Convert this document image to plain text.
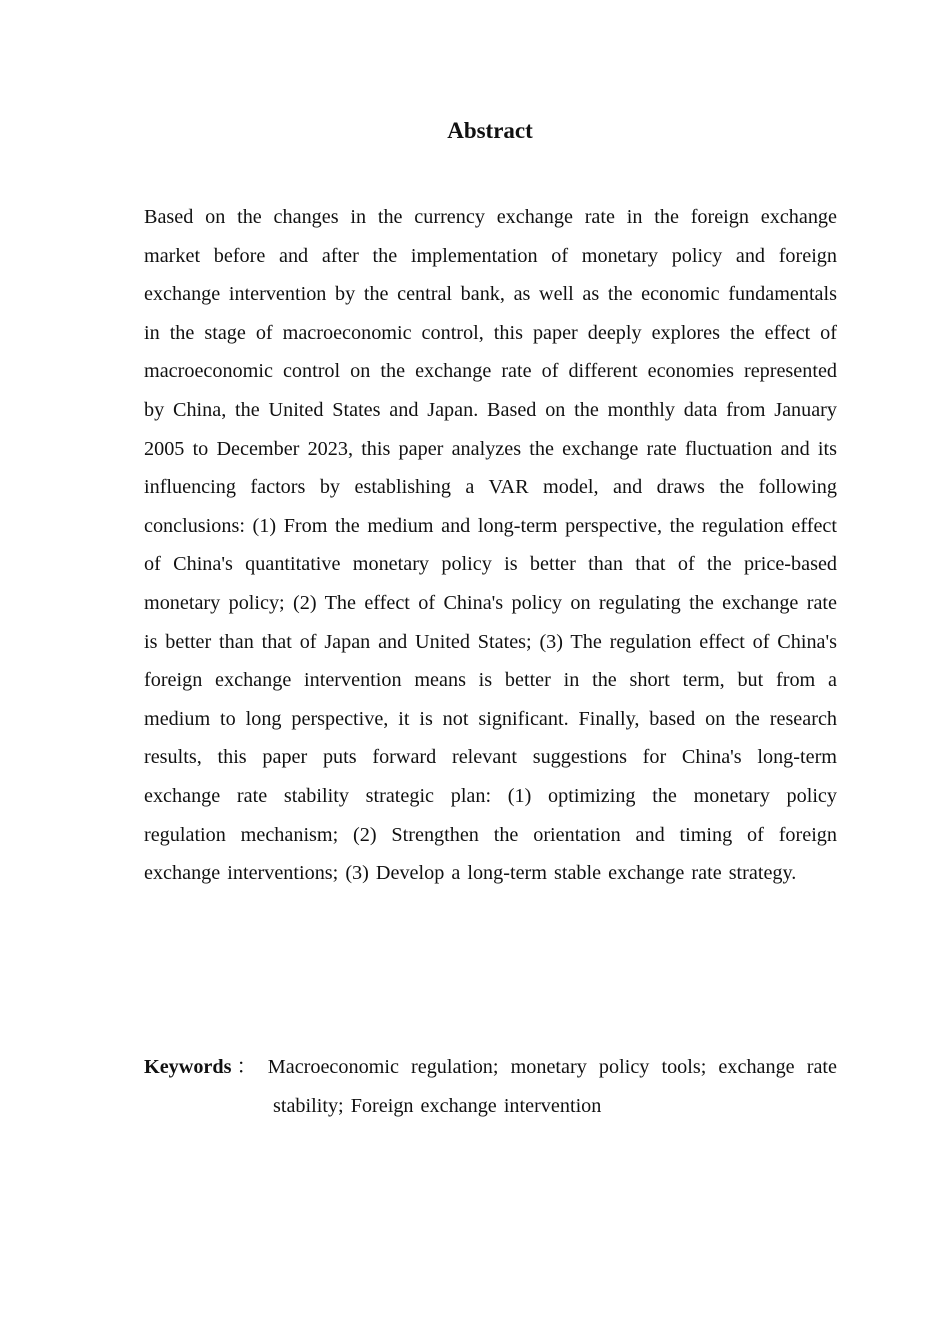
Abstract

Based on the changes in the currency exchange rate in the foreign exchange market before and after the implementation of monetary policy and foreign exchange intervention by the central bank, as well as the economic fundamentals in the stage of macroeconomic control, this paper deeply explores the effect of macroeconomic control on the exchange rate of different economies represented by China, the United States and Japan. Based on the monthly data from January 2005 to December 2023, this paper analyzes the exchange rate fluctuation and its influencing factors by establishing a VAR model, and draws the following conclusions: (1) From the medium and long-term perspective, the regulation effect of China's quantitative monetary policy is better than that of the price-based monetary policy; (2) The effect of China's policy on regulating the exchange rate is better than that of Japan and United States; (3) The regulation effect of China's foreign exchange intervention means is better in the short term, but from a medium to long perspective, it is not significant. Finally, based on the research results, this paper puts forward relevant suggestions for China's long-term exchange rate stability strategic plan: (1) optimizing the monetary policy regulation mechanism; (2) Strengthen the orientation and timing of foreign exchange interventions; (3) Develop a long-term stable exchange rate strategy.

Keywords： Macroeconomic regulation; monetary policy tools; exchange rate stability; Foreign exchange intervention
